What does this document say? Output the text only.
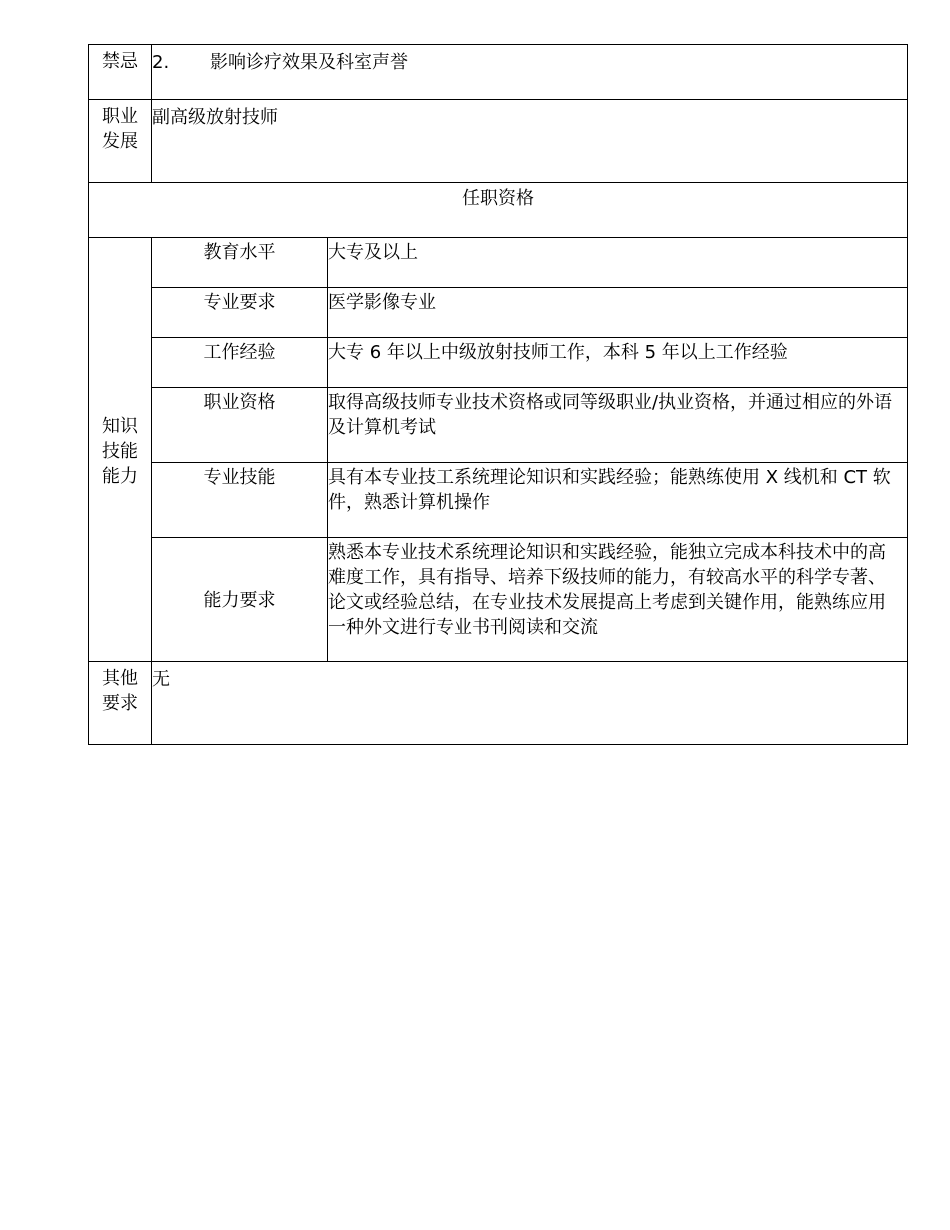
禁忌	2. 影响诊疗效果及科室声誉	

职业
发展	副高级放射技师	
任职资格		

知识
技能
能力	教育水平	大专及以上
	专业要求	医学影像专业
	工作经验	大专 6 年以上中级放射技师工作，本科 5 年以上工作经验
	职业资格	取得高级技师专业技术资格或同等级职业/执业资格，并通过相应的外语及计算机考试
	专业技能	具有本专业技工系统理论知识和实践经验；能熟练使用 X 线机和 CT 软件，熟悉计算机操作
	能力要求	熟悉本专业技术系统理论知识和实践经验，能独立完成本科技术中的高难度工作，具有指导、培养下级技师的能力，有较高水平的科学专著、论文或经验总结，在专业技术发展提高上考虑到关键作用，能熟练应用一种外文进行专业书刊阅读和交流

其他
要求	无	
